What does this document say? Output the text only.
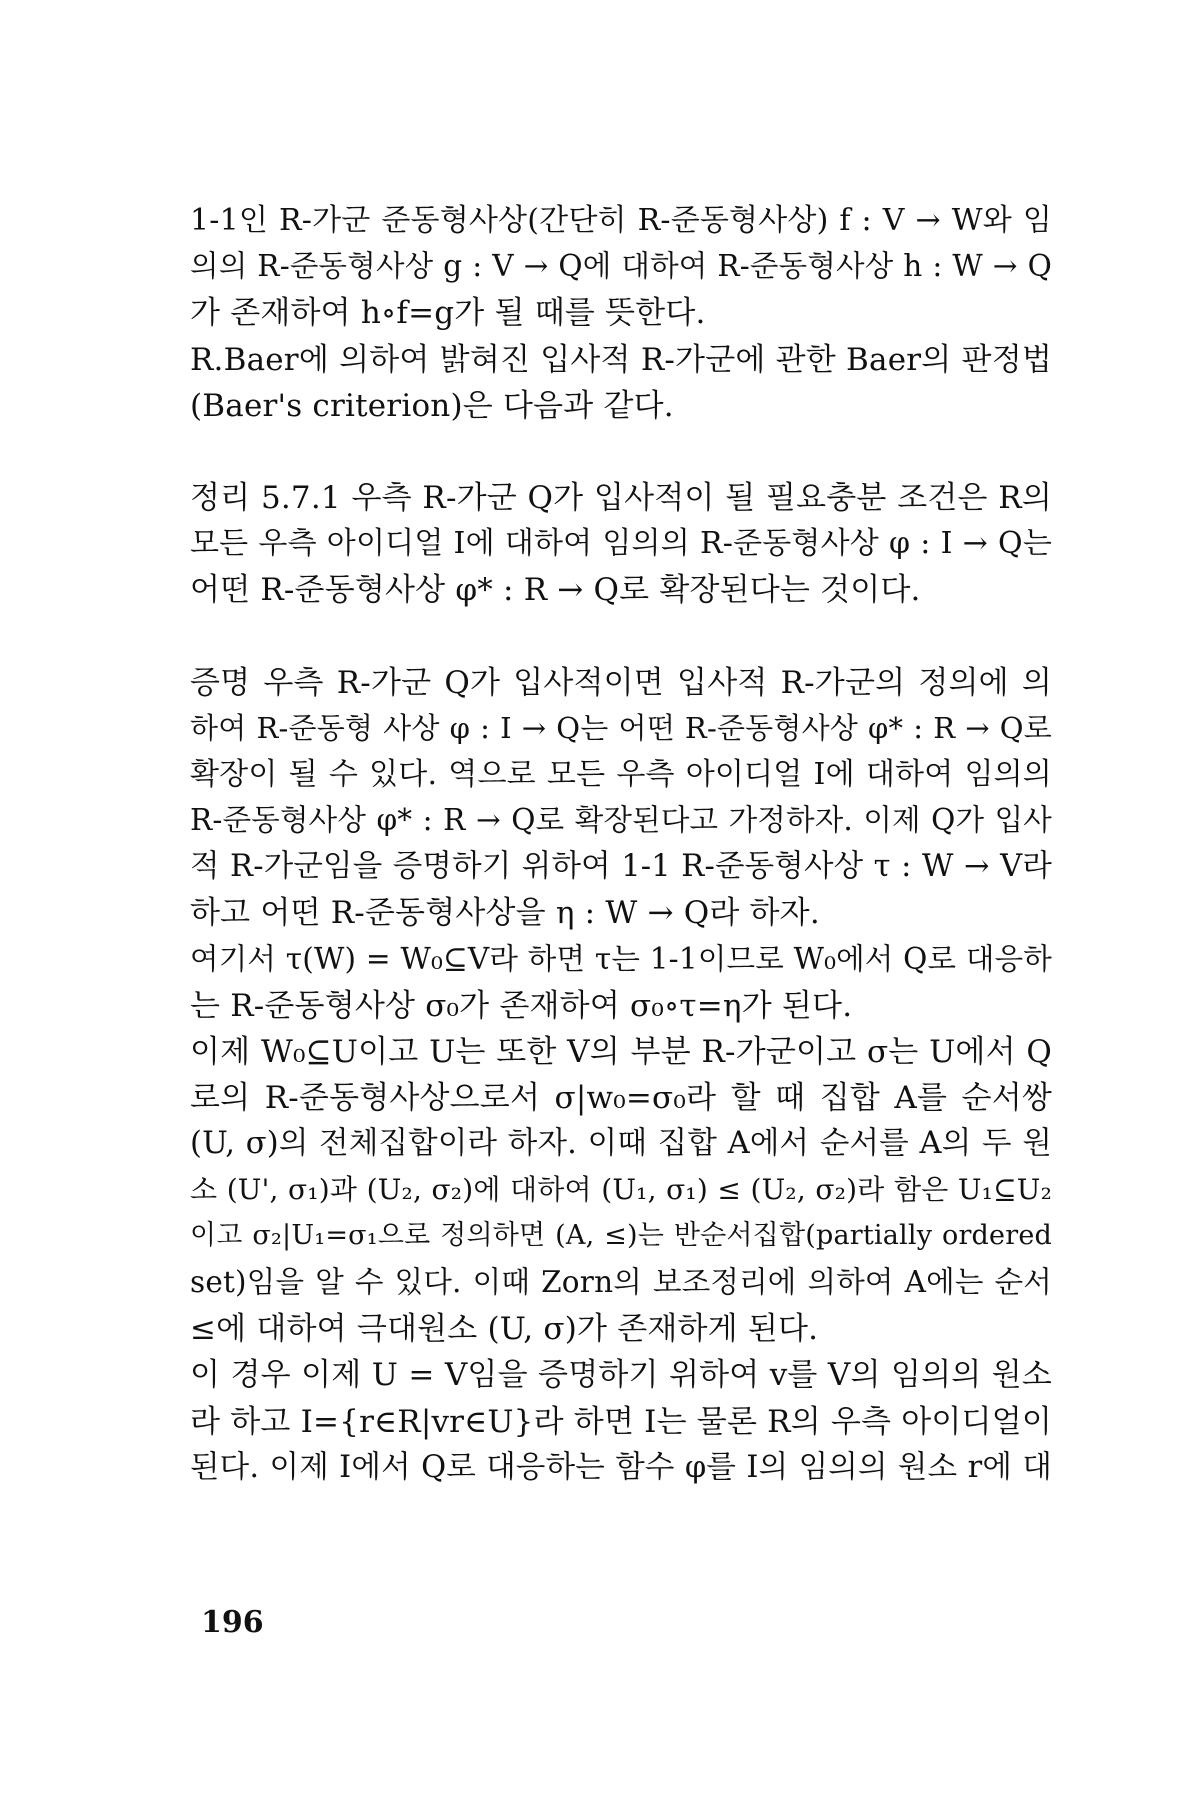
1-1인 R-가군 준동형사상(간단히 R-준동형사상) f : V → W와 임
의의 R-준동형사상 g : V → Q에 대하여 R-준동형사상 h : W → Q
가 존재하여 h∘f=g가 될 때를 뜻한다.
R.Baer에 의하여 밝혀진 입사적 R-가군에 관한 Baer의 판정법
(Baer's criterion)은 다음과 같다.
정리 5.7.1 우측 R-가군 Q가 입사적이 될 필요충분 조건은 R의
모든 우측 아이디얼 I에 대하여 임의의 R-준동형사상 φ : I → Q는
어떤 R-준동형사상 φ* : R → Q로 확장된다는 것이다.
증명 우측 R-가군 Q가 입사적이면 입사적 R-가군의 정의에 의
하여 R-준동형 사상 φ : I → Q는 어떤 R-준동형사상 φ* : R → Q로
확장이 될 수 있다. 역으로 모든 우측 아이디얼 I에 대하여 임의의
R-준동형사상 φ* : R → Q로 확장된다고 가정하자. 이제 Q가 입사
적 R-가군임을 증명하기 위하여 1-1 R-준동형사상 τ : W → V라
하고 어떤 R-준동형사상을 η : W → Q라 하자.
여기서 τ(W) = W₀⊆V라 하면 τ는 1-1이므로 W₀에서 Q로 대응하
는 R-준동형사상 σ₀가 존재하여 σ₀∘τ=η가 된다.
이제 W₀⊆U이고 U는 또한 V의 부분 R-가군이고 σ는 U에서 Q
로의 R-준동형사상으로서 σ|w₀=σ₀라 할 때 집합 A를 순서쌍
(U, σ)의 전체집합이라 하자. 이때 집합 A에서 순서를 A의 두 원
소 (U', σ₁)과 (U₂, σ₂)에 대하여 (U₁, σ₁) ≤ (U₂, σ₂)라 함은 U₁⊆U₂
이고 σ₂|U₁=σ₁으로 정의하면 (A, ≤)는 반순서집합(partially ordered
set)임을 알 수 있다. 이때 Zorn의 보조정리에 의하여 A에는 순서
≤에 대하여 극대원소 (U, σ)가 존재하게 된다.
이 경우 이제 U = V임을 증명하기 위하여 v를 V의 임의의 원소
라 하고 I={r∈R|vr∈U}라 하면 I는 물론 R의 우측 아이디얼이
된다. 이제 I에서 Q로 대응하는 함수 φ를 I의 임의의 원소 r에 대
196
